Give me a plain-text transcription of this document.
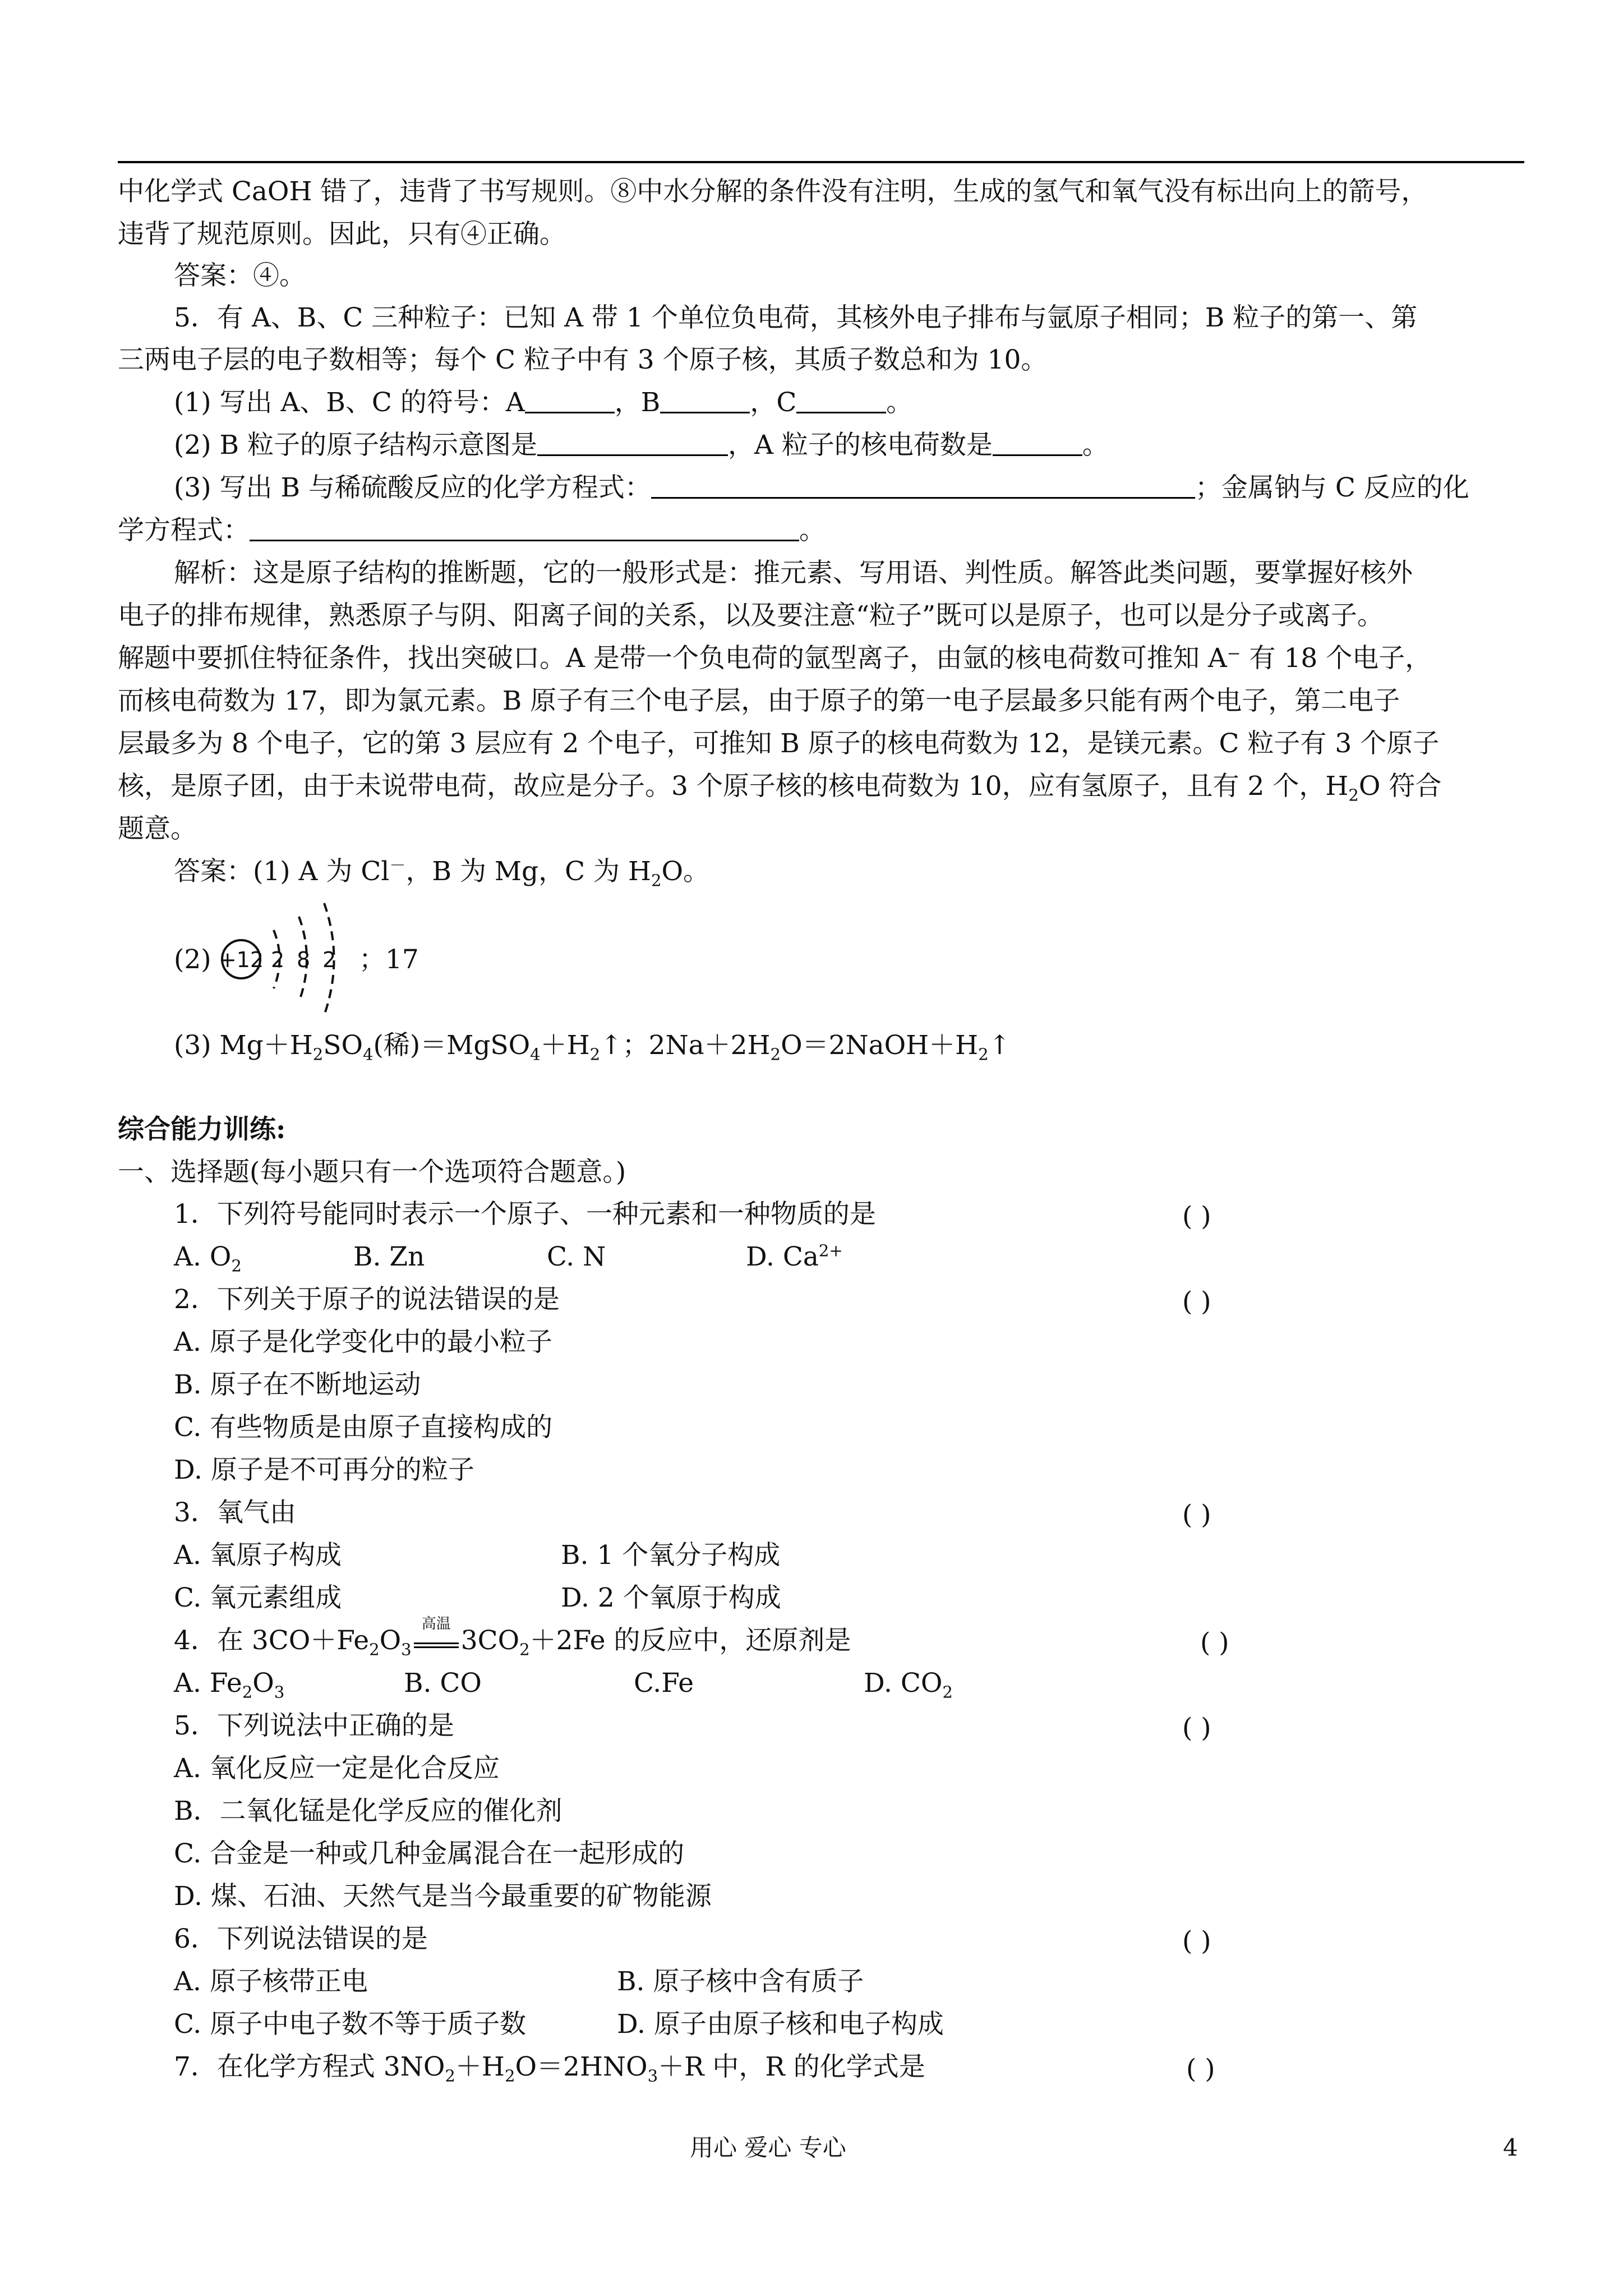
中化学式 CaOH 错了，违背了书写规则。⑧中水分解的条件没有注明，生成的氢气和氧气没有标出向上的箭号，
违背了规范原则。因此，只有④正确。
答案：④。
5．有 A、B、C 三种粒子：已知 A 带 1 个单位负电荷，其核外电子排布与氩原子相同；B 粒子的第一、第
三两电子层的电子数相等；每个 C 粒子中有 3 个原子核，其质子数总和为 10。
(1) 写出 A、B、C 的符号：A	，B	，C	。
(2) B 粒子的原子结构示意图是	，A 粒子的核电荷数是	。
(3) 写出 B 与稀硫酸反应的化学方程式：	；金属钠与 C 反应的化
学方程式：	。
解析：这是原子结构的推断题，它的一般形式是：推元素、写用语、判性质。解答此类问题，要掌握好核外
电子的排布规律，熟悉原子与阴、阳离子间的关系，以及要注意“粒子”既可以是原子，也可以是分子或离子。
解题中要抓住特征条件，找出突破口。A 是带一个负电荷的氩型离子，由氩的核电荷数可推知 A⁻ 有 18 个电子，
而核电荷数为 17，即为氯元素。B 原子有三个电子层，由于原子的第一电子层最多只能有两个电子，第二电子
层最多为 8 个电子，它的第 3 层应有 2 个电子，可推知 B 原子的核电荷数为 12，是镁元素。C 粒子有 3 个原子
核，是原子团，由于未说带电荷，故应是分子。3 个原子核的核电荷数为 10，应有氢原子，且有 2 个，$H_2O$ 符合
题意。
答案：(1) A 为 Cl－，B 为 Mg，C 为 $H_2O$。
(2) +12 2 8 2 ；17
(3) $Mg+H_2SO_4$(稀)$=MgSO_4+H_2↑$；$2Na+2H_2O=2NaOH+H_2↑$
综合能力训练:
一、选择题(每小题只有一个选项符合题意。)
1．下列符号能同时表示一个原子、一种元素和一种物质的是	( )
A. $O_2$	B. Zn	C. N	D. $Ca^{2+}$
2．下列关于原子的说法错误的是	( )
A. 原子是化学变化中的最小粒子
B. 原子在不断地运动
C. 有些物质是由原子直接构成的
D. 原子是不可再分的粒子
3．氧气由	( )
A. 氧原子构成	B. 1 个氧分子构成
C. 氧元素组成	D. 2 个氧原于构成
4．在 $3CO+Fe_2O_3$
高温
$3CO_2+2Fe$ 的反应中，还原剂是	( )
A. $Fe_2O_3$	B. CO	C.Fe	D. $CO_2$
5．下列说法中正确的是	( )
A. 氧化反应一定是化合反应
B．二氧化锰是化学反应的催化剂
C. 合金是一种或几种金属混合在一起形成的
D. 煤、石油、天然气是当今最重要的矿物能源
6．下列说法错误的是	( )
A. 原子核带正电	B. 原子核中含有质子
C. 原子中电子数不等于质子数	D. 原子由原子核和电子构成
7．在化学方程式 $3NO_2+H_2O=2HNO_3+R$ 中，R 的化学式是	( )
用心 爱心 专心	4
